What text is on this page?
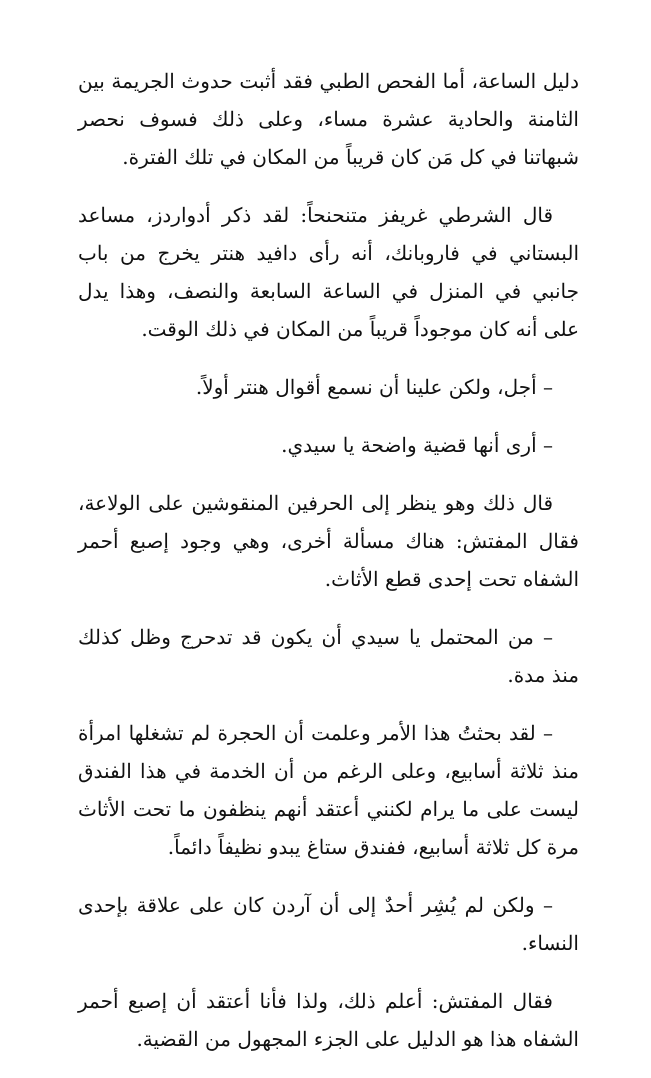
دليل الساعة، أما الفحص الطبي فقد أثبت حدوث الجريمة بين الثامنة والحادية عشرة مساء، وعلى ذلك فسوف نحصر شبهاتنا في كل مَن كان قريباً من المكان في تلك الفترة.

قال الشرطي غريفز متنحنحاً: لقد ذكر أدواردز، مساعد البستاني في فاروبانك، أنه رأى دافيد هنتر يخرج من باب جانبي في المنزل في الساعة السابعة والنصف، وهذا يدل على أنه كان موجوداً قريباً من المكان في ذلك الوقت.

– أجل، ولكن علينا أن نسمع أقوال هنتر أولاً.

– أرى أنها قضية واضحة يا سيدي.

قال ذلك وهو ينظر إلى الحرفين المنقوشين على الولاعة، فقال المفتش: هناك مسألة أخرى، وهي وجود إصبع أحمر الشفاه تحت إحدى قطع الأثاث.

– من المحتمل يا سيدي أن يكون قد تدحرج وظل كذلك منذ مدة.

– لقد بحثتُ هذا الأمر وعلمت أن الحجرة لم تشغلها امرأة منذ ثلاثة أسابيع، وعلى الرغم من أن الخدمة في هذا الفندق ليست على ما يرام لكنني أعتقد أنهم ينظفون ما تحت الأثاث مرة كل ثلاثة أسابيع، ففندق ستاغ يبدو نظيفاً دائماً.

– ولكن لم يُشِر أحدٌ إلى أن آردن كان على علاقة بإحدى النساء.

فقال المفتش: أعلم ذلك، ولذا فأنا أعتقد أن إصبع أحمر الشفاه هذا هو الدليل على الجزء المجهول من القضية.
